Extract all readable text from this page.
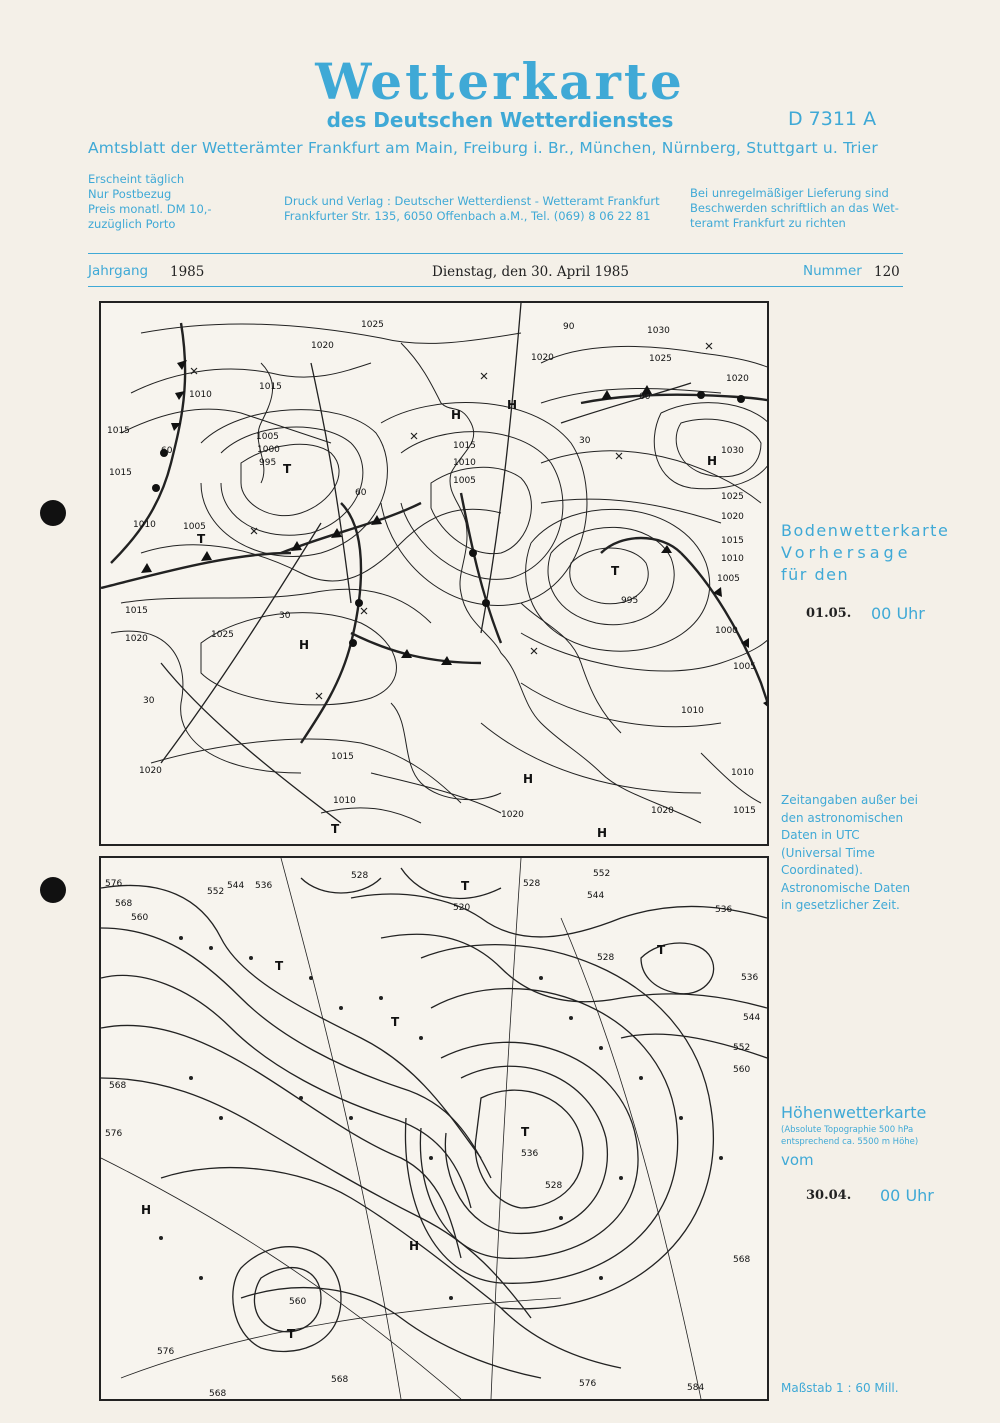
Wetterkarte
des Deutschen Wetterdienstes	D 7311 A
Amtsblatt der Wetterämter Frankfurt am Main, Freiburg i. Br., München, Nürnberg, Stuttgart u. Trier
Erscheint täglich
Nur Postbezug
Preis monatl. DM 10,-
zuzüglich Porto
Druck und Verlag : Deutscher Wetterdienst - Wetteramt Frankfurt
Frankfurter Str. 135, 6050 Offenbach a.M., Tel. (069) 8 06 22 81
Bei unregelmäßiger Lieferung sind
Beschwerden schriftlich an das Wet-
teramt Frankfurt zu richten
Jahrgang 1985	Dienstag, den 30. April 1985	Nummer 120
1025
1020
1010
1015
1015
1010
1005
1000
995
1005
1015
1020	1025
1020
1015
1010
1020
1030
1025
1020
1030
1025
1020
1015
1010
1005
995
1000
1005
1010
1015
1020
1020
1015
1010
1015
1010
1005
60
60
30
30
30
90
60
H
H
H
H
H
H
T
T
T
T
576
568
560
552
544 536
528
520
528
552
544
536
528
536
544
552
560
568
576
568
536
528
560
576
568
576	584
568
H
H
T
T
T
T
T
T
Bodenwetterkarte
Vorhersage
für den
01.05. 00 Uhr
Zeitangaben außer bei
den astronomischen
Daten in UTC
(Universal Time
Coordinated).
Astronomische Daten
in gesetzlicher Zeit.
Höhenwetterkarte
(Absolute Topographie 500 hPa
entsprechend ca. 5500 m Höhe)
vom
30.04. 00 Uhr
Maßstab 1 : 60 Mill.
